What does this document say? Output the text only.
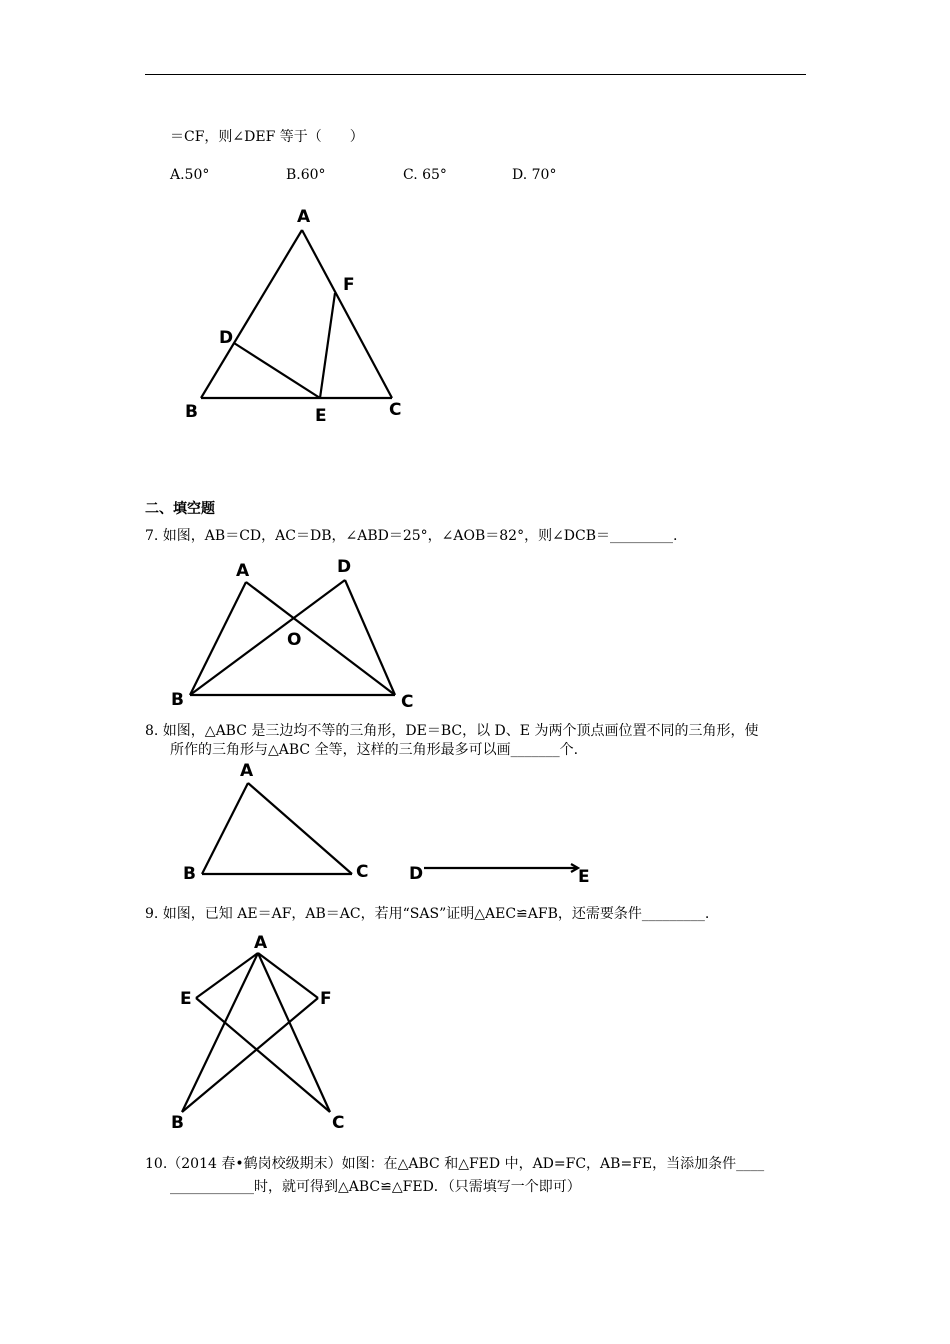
＝CF，则∠DEF 等于（　　）
A.50°	B.60°	C. 65°	D. 70°
A
F
D
B	E	C
A	D
O
B	C
A
B	C D	E
A
E	F
B	C
二、填空题
7. 如图，AB＝CD，AC＝DB，∠ABD＝25°，∠AOB＝82°，则∠DCB＝_________.
8. 如图，△ABC 是三边均不等的三角形，DE＝BC，以 D、E 为两个顶点画位置不同的三角形，使
所作的三角形与△ABC 全等，这样的三角形最多可以画_______个.
9. 如图，已知 AE＝AF，AB＝AC，若用“SAS”证明△AEC≌AFB，还需要条件_________.
10.（2014 春•鹤岗校级期末）如图：在△ABC 和△FED 中，AD=FC，AB=FE，当添加条件____
____________时，就可得到△ABC≌△FED．（只需填写一个即可）
